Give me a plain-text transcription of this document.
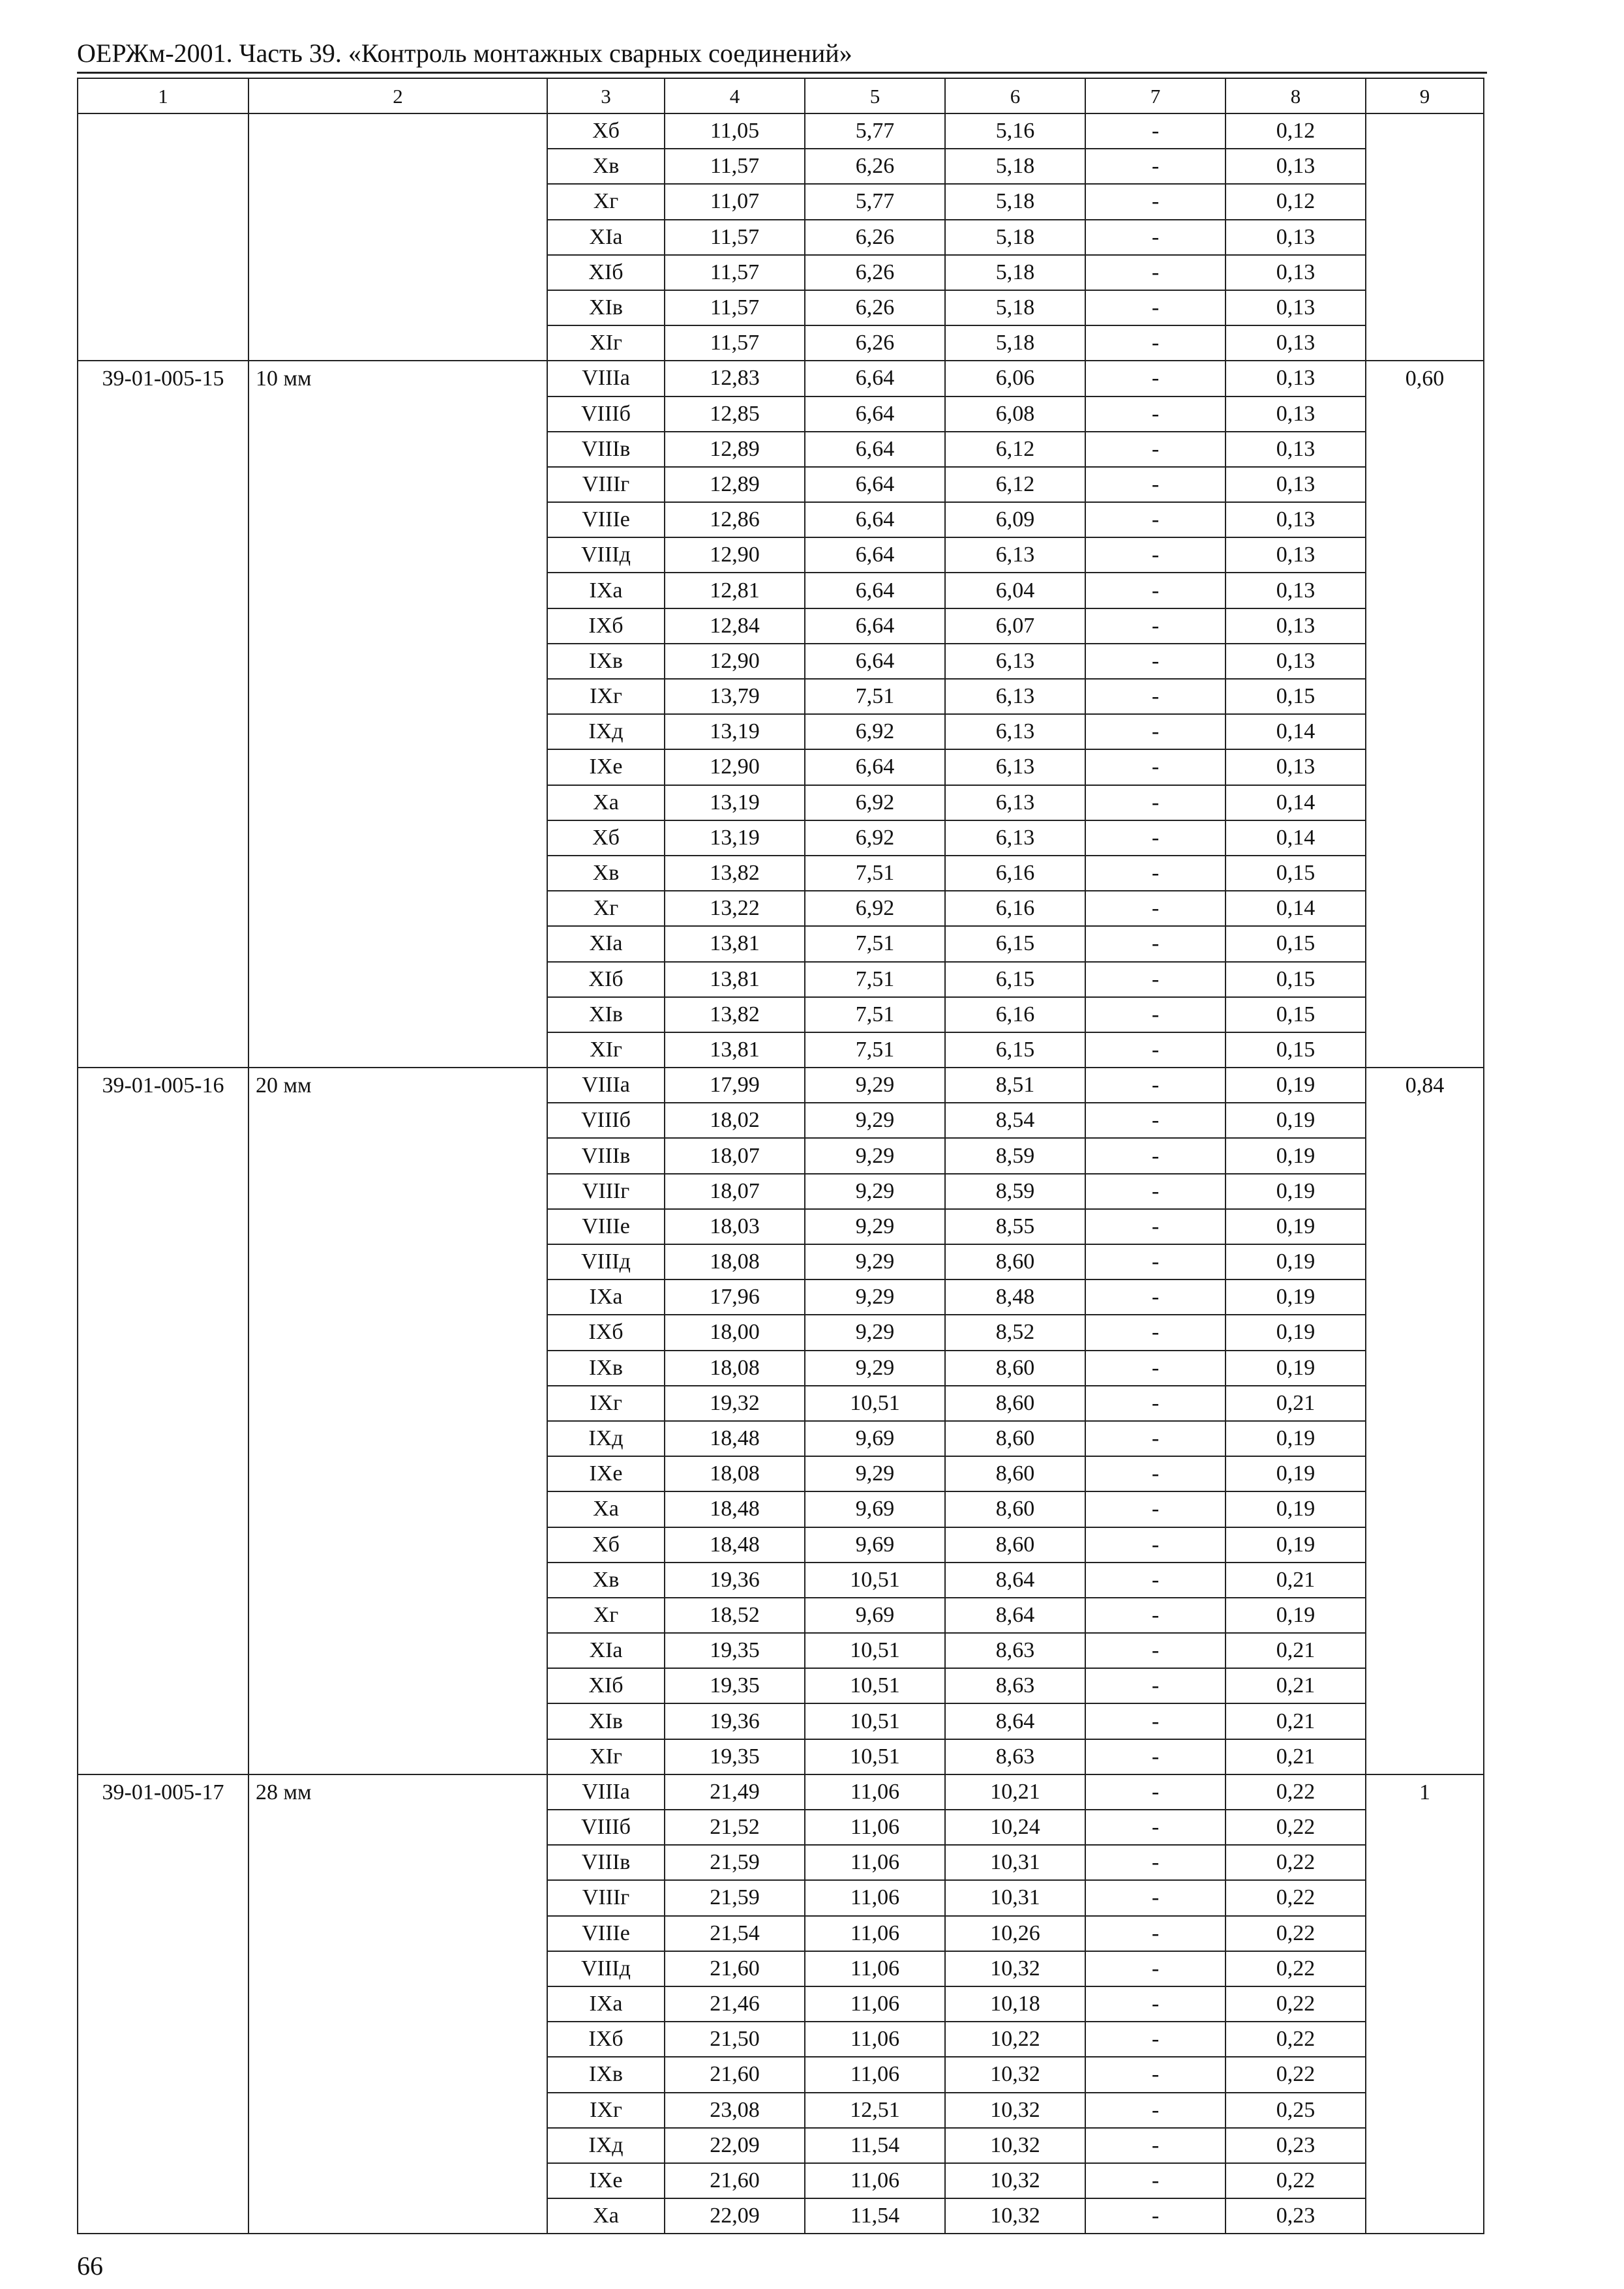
ОЕРЖм-2001. Часть 39. «Контроль монтажных сварных соединений»
1	2	3	4	5	6	7	8	9
		Xб	11,05	5,77	5,16	-	0,12	
		Xв	11,57	6,26	5,18	-	0,13	
		Xг	11,07	5,77	5,18	-	0,12	
		XIа	11,57	6,26	5,18	-	0,13	
		XIб	11,57	6,26	5,18	-	0,13	
		XIв	11,57	6,26	5,18	-	0,13	
		XIг	11,57	6,26	5,18	-	0,13	
39-01-005-15	10 мм	VIIIа	12,83	6,64	6,06	-	0,13	0,60
		VIIIб	12,85	6,64	6,08	-	0,13	
		VIIIв	12,89	6,64	6,12	-	0,13	
		VIIIг	12,89	6,64	6,12	-	0,13	
		VIIIе	12,86	6,64	6,09	-	0,13	
		VIIIд	12,90	6,64	6,13	-	0,13	
		IXа	12,81	6,64	6,04	-	0,13	
		IXб	12,84	6,64	6,07	-	0,13	
		IXв	12,90	6,64	6,13	-	0,13	
		IXг	13,79	7,51	6,13	-	0,15	
		IXд	13,19	6,92	6,13	-	0,14	
		IXе	12,90	6,64	6,13	-	0,13	
		Xа	13,19	6,92	6,13	-	0,14	
		Xб	13,19	6,92	6,13	-	0,14	
		Xв	13,82	7,51	6,16	-	0,15	
		Xг	13,22	6,92	6,16	-	0,14	
		XIа	13,81	7,51	6,15	-	0,15	
		XIб	13,81	7,51	6,15	-	0,15	
		XIв	13,82	7,51	6,16	-	0,15	
		XIг	13,81	7,51	6,15	-	0,15	
39-01-005-16	20 мм	VIIIа	17,99	9,29	8,51	-	0,19	0,84
		VIIIб	18,02	9,29	8,54	-	0,19	
		VIIIв	18,07	9,29	8,59	-	0,19	
		VIIIг	18,07	9,29	8,59	-	0,19	
		VIIIе	18,03	9,29	8,55	-	0,19	
		VIIIд	18,08	9,29	8,60	-	0,19	
		IXа	17,96	9,29	8,48	-	0,19	
		IXб	18,00	9,29	8,52	-	0,19	
		IXв	18,08	9,29	8,60	-	0,19	
		IXг	19,32	10,51	8,60	-	0,21	
		IXд	18,48	9,69	8,60	-	0,19	
		IXе	18,08	9,29	8,60	-	0,19	
		Xа	18,48	9,69	8,60	-	0,19	
		Xб	18,48	9,69	8,60	-	0,19	
		Xв	19,36	10,51	8,64	-	0,21	
		Xг	18,52	9,69	8,64	-	0,19	
		XIа	19,35	10,51	8,63	-	0,21	
		XIб	19,35	10,51	8,63	-	0,21	
		XIв	19,36	10,51	8,64	-	0,21	
		XIг	19,35	10,51	8,63	-	0,21	
39-01-005-17	28 мм	VIIIа	21,49	11,06	10,21	-	0,22	1
		VIIIб	21,52	11,06	10,24	-	0,22	
		VIIIв	21,59	11,06	10,31	-	0,22	
		VIIIг	21,59	11,06	10,31	-	0,22	
		VIIIе	21,54	11,06	10,26	-	0,22	
		VIIIд	21,60	11,06	10,32	-	0,22	
		IXа	21,46	11,06	10,18	-	0,22	
		IXб	21,50	11,06	10,22	-	0,22	
		IXв	21,60	11,06	10,32	-	0,22	
		IXг	23,08	12,51	10,32	-	0,25	
		IXд	22,09	11,54	10,32	-	0,23	
		IXе	21,60	11,06	10,32	-	0,22	
		Xа	22,09	11,54	10,32	-	0,23	
66
